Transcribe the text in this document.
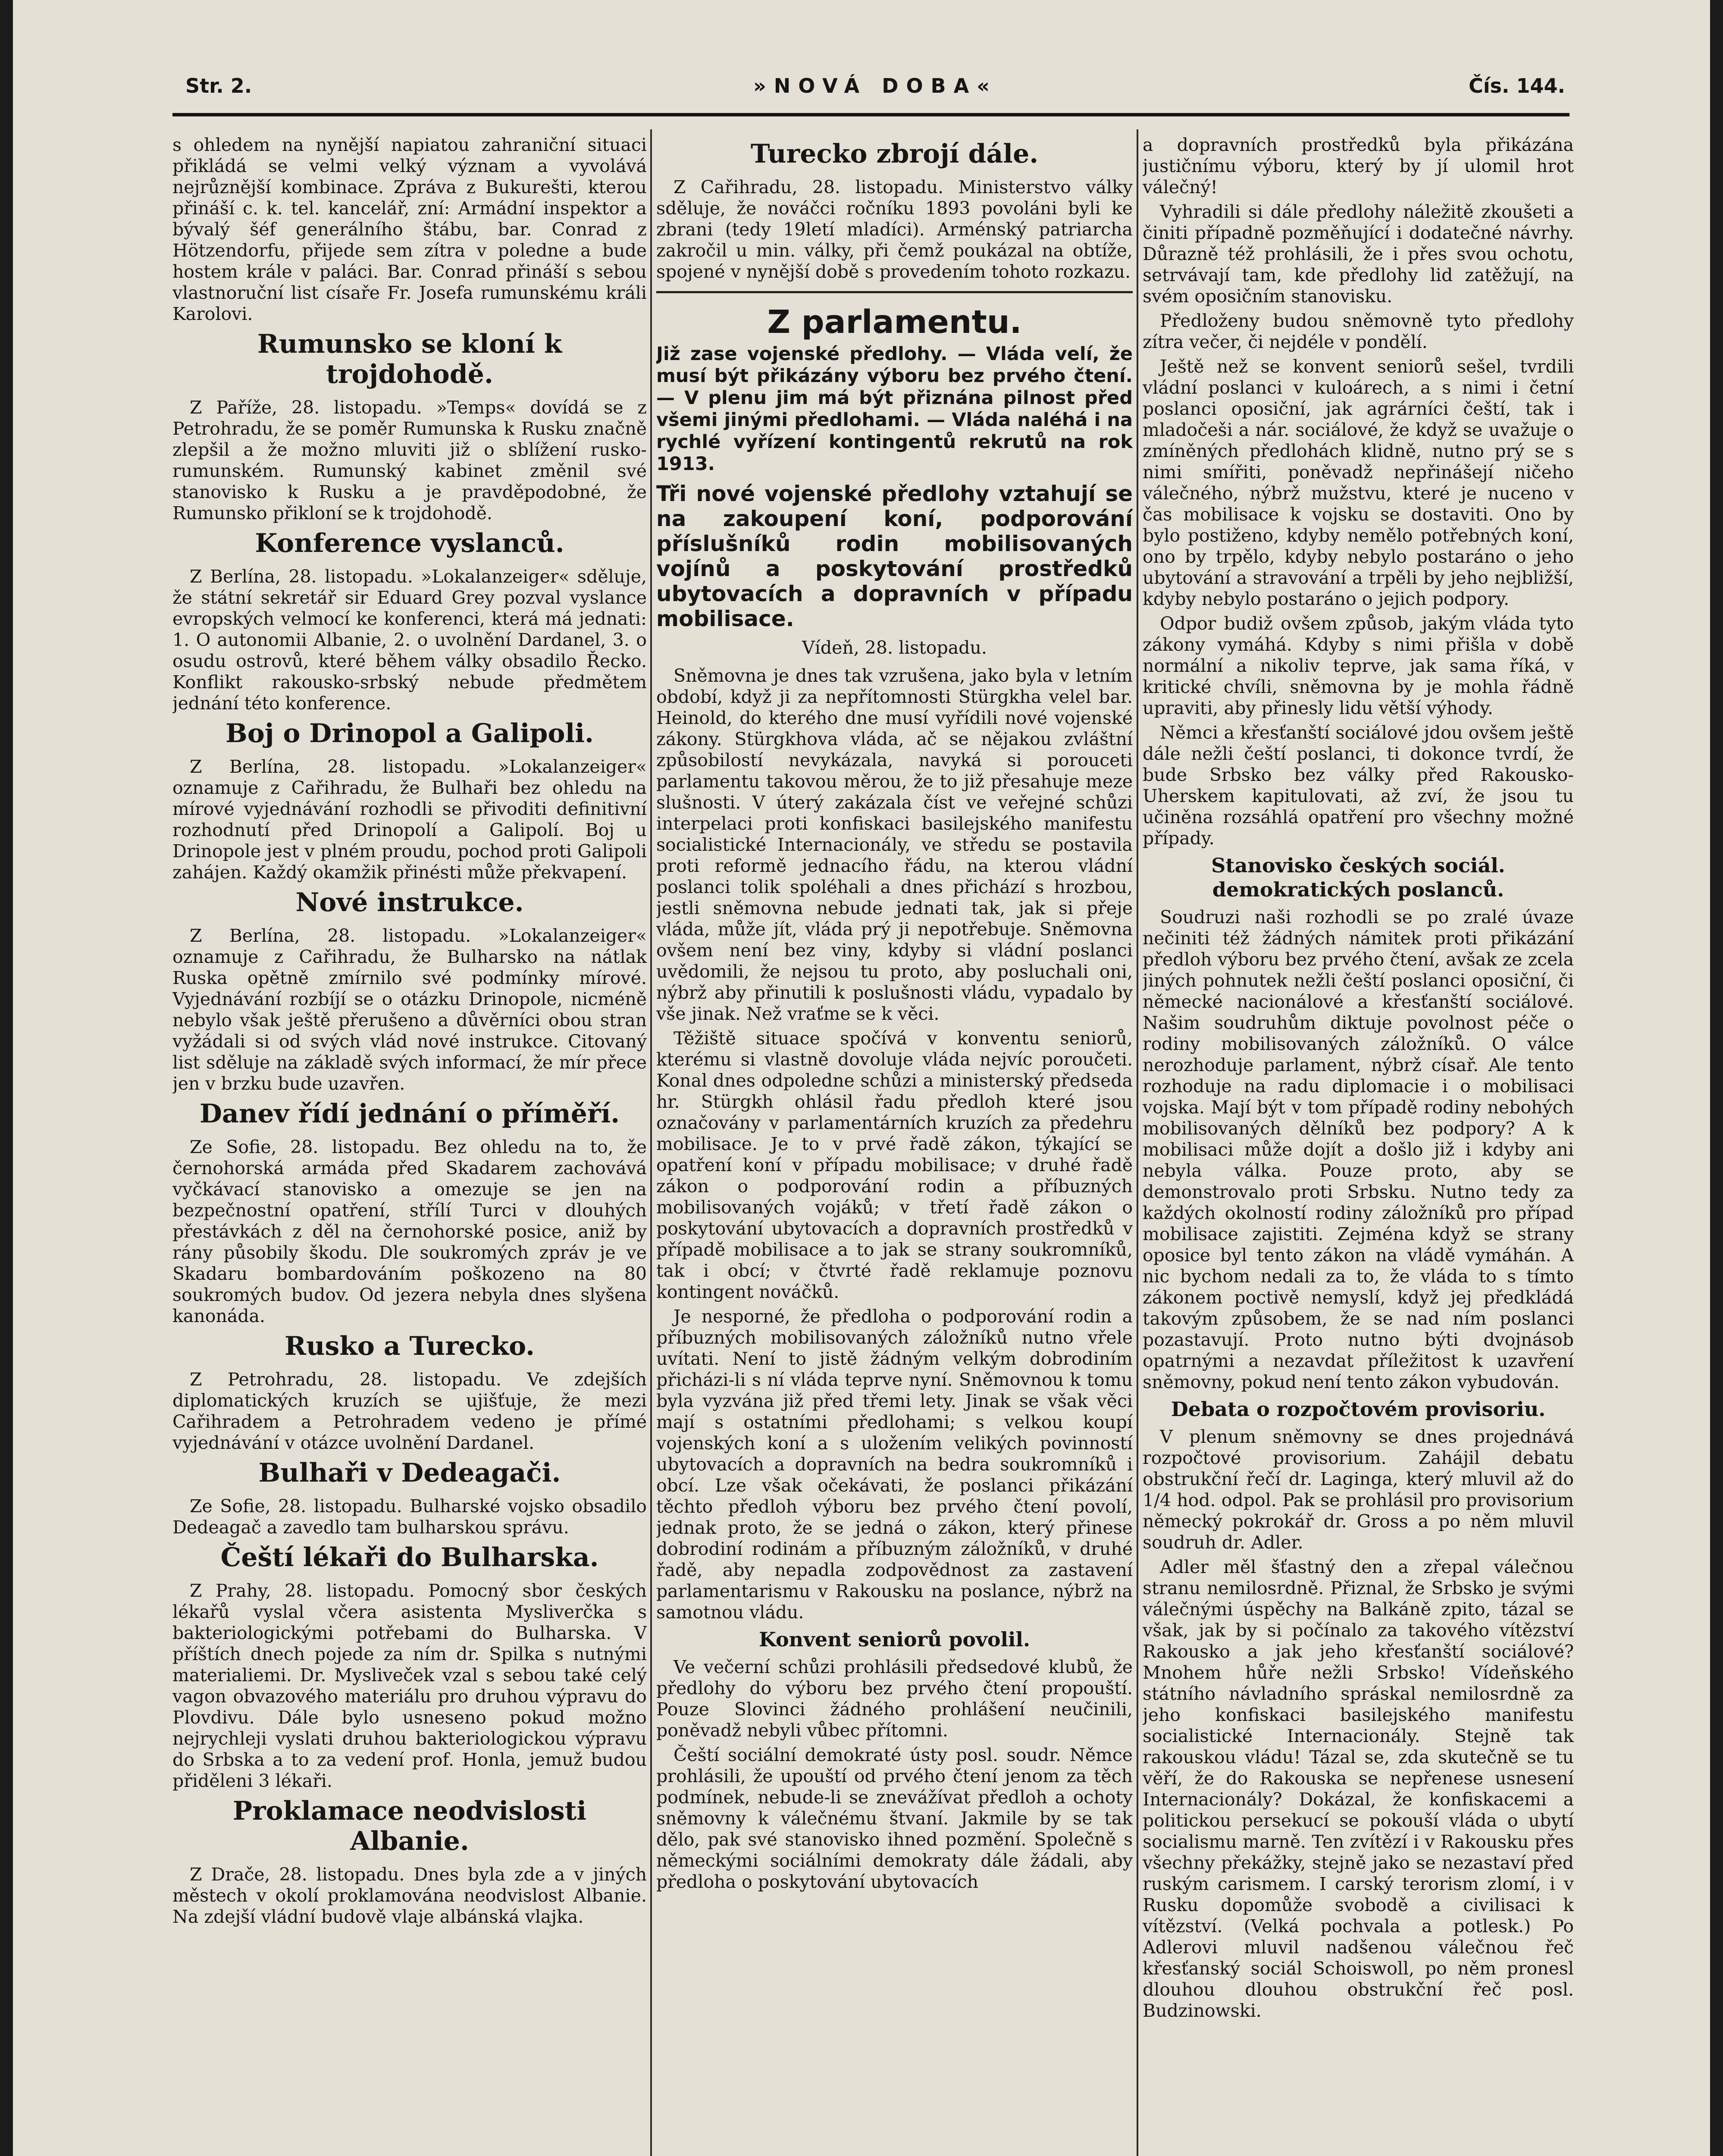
Str. 2.	»NOVÁ DOBA«	Čís. 144.

s ohledem na nynější napiatou zahraniční situaci přikládá se velmi velký význam a vyvolává nejrůznější kombinace. Zpráva z Bukurešti, kterou přináší c. k. tel. kancelář, zní: Armádní inspektor a bývalý šéf generálního štábu, bar. Conrad z Hötzendorfu, přijede sem zítra v poledne a bude hostem krále v paláci. Bar. Conrad přináší s sebou vlastnoruční list císaře Fr. Josefa rumunskému králi Karolovi.

Rumunsko se kloní k trojdohodě.

Z Paříže, 28. listopadu. »Temps« dovídá se z Petrohradu, že se poměr Rumunska k Rusku značně zlepšil a že možno mluviti již o sblížení rusko-rumunském. Rumunský kabinet změnil své stanovisko k Rusku a je pravděpodobné, že Rumunsko přikloní se k trojdohodě.

Konference vyslanců.

Z Berlína, 28. listopadu. »Lokalanzeiger« sděluje, že státní sekretář sir Eduard Grey pozval vyslance evropských velmocí ke konferenci, která má jednati: 1. O autonomii Albanie, 2. o uvolnění Dardanel, 3. o osudu ostrovů, které během války obsadilo Řecko. Konflikt rakousko-srbský nebude předmětem jednání této konference.

Boj o Drinopol a Galipoli.

Z Berlína, 28. listopadu. »Lokalanzeiger« oznamuje z Cařihradu, že Bulhaři bez ohledu na mírové vyjednávání rozhodli se přivoditi definitivní rozhodnutí před Drinopolí a Galipolí. Boj u Drinopole jest v plném proudu, pochod proti Galipoli zahájen. Každý okamžik přinésti může překvapení.

Nové instrukce.

Z Berlína, 28. listopadu. »Lokalanzeiger« oznamuje z Cařihradu, že Bulharsko na nátlak Ruska opětně zmírnilo své podmínky mírové. Vyjednávání rozbíjí se o otázku Drinopole, nicméně nebylo však ještě přerušeno a důvěrníci obou stran vyžádali si od svých vlád nové instrukce. Citovaný list sděluje na základě svých informací, že mír přece jen v brzku bude uzavřen.

Danev řídí jednání o příměří.

Ze Sofie, 28. listopadu. Bez ohledu na to, že černohorská armáda před Skadarem zachovává vyčkávací stanovisko a omezuje se jen na bezpečnostní opatření, střílí Turci v dlouhých přestávkách z děl na černohorské posice, aniž by rány působily škodu. Dle soukromých zpráv je ve Skadaru bombardováním poškozeno na 80 soukromých budov. Od jezera nebyla dnes slyšena kanonáda.

Rusko a Turecko.

Z Petrohradu, 28. listopadu. Ve zdejších diplomatických kruzích se ujišťuje, že mezi Cařihradem a Petrohradem vedeno je přímé vyjednávání v otázce uvolnění Dardanel.

Bulhaři v Dedeagači.

Ze Sofie, 28. listopadu. Bulharské vojsko obsadilo Dedeagač a zavedlo tam bulharskou správu.

Čeští lékaři do Bulharska.

Z Prahy, 28. listopadu. Pomocný sbor českých lékařů vyslal včera asistenta Mysliverčka s bakteriologickými potřebami do Bulharska. V příštích dnech pojede za ním dr. Spilka s nutnými materialiemi. Dr. Mysliveček vzal s sebou také celý vagon obvazového materiálu pro druhou výpravu do Plovdivu. Dále bylo usneseno pokud možno nejrychleji vyslati druhou bakteriologickou výpravu do Srbska a to za vedení prof. Honla, jemuž budou přiděleni 3 lékaři.

Proklamace neodvislosti Albanie.

Z Drače, 28. listopadu. Dnes byla zde a v jiných městech v okolí proklamována neodvislost Albanie. Na zdejší vládní budově vlaje albánská vlajka.

Turecko zbrojí dále.

Z Cařihradu, 28. listopadu. Ministerstvo války sděluje, že nováčci ročníku 1893 povoláni byli ke zbrani (tedy 19letí mladíci). Arménský patriarcha zakročil u min. války, při čemž poukázal na obtíže, spojené v nynější době s provedením tohoto rozkazu.

Z parlamentu.
Již zase vojenské předlohy. — Vláda velí, že musí být přikázány výboru bez prvého čtení. — V plenu jim má být přiznána pilnost před všemi jinými předlohami. — Vláda naléhá i na rychlé vyřízení kontingentů rekrutů na rok 1913.
Tři nové vojenské předlohy vztahují se na zakoupení koní, podporování příslušníků rodin mobilisovaných vojínů a poskytování prostředků ubytovacích a dopravních v případu mobilisace.

Vídeň, 28. listopadu.

Sněmovna je dnes tak vzrušena, jako byla v letním období, když ji za nepřítomnosti Stürgkha velel bar. Heinold, do kterého dne musí vyřídili nové vojenské zákony. Stürgkhova vláda, ač se nějakou zvláštní způsobilostí nevykázala, navyká si porouceti parlamentu takovou měrou, že to již přesahuje meze slušnosti. V úterý zakázala číst ve veřejné schůzi interpelaci proti konfiskaci basilejského manifestu socialistické Internacionály, ve středu se postavila proti reformě jednacího řádu, na kterou vládní poslanci tolik spoléhali a dnes přichází s hrozbou, jestli sněmovna nebude jednati tak, jak si přeje vláda, může jít, vláda prý ji nepotřebuje. Sněmovna ovšem není bez viny, kdyby si vládní poslanci uvědomili, že nejsou tu proto, aby posluchali oni, nýbrž aby přinutili k poslušnosti vládu, vypadalo by vše jinak. Než vraťme se k věci.

Těžiště situace spočívá v konventu seniorů, kterému si vlastně dovoluje vláda nejvíc poroučeti. Konal dnes odpoledne schůzi a ministerský předseda hr. Stürgkh ohlásil řadu předloh které jsou označovány v parlamentárních kruzích za předehru mobilisace. Je to v prvé řadě zákon, týkající se opatření koní v případu mobilisace; v druhé řadě zákon o podporování rodin a příbuzných mobilisovaných vojáků; v třetí řadě zákon o poskytování ubytovacích a dopravních prostředků v případě mobilisace a to jak se strany soukromníků, tak i obcí; v čtvrté řadě reklamuje poznovu kontingent nováčků.

Je nesporné, že předloha o podporování rodin a příbuzných mobilisovaných záložníků nutno vřele uvítati. Není to jistě žádným velkým dobrodiním přicházi-li s ní vláda teprve nyní. Sněmovnou k tomu byla vyzvána již před třemi lety. Jinak se však věci mají s ostatními předlohami; s velkou koupí vojenských koní a s uložením velikých povinností ubytovacích a dopravních na bedra soukromníků i obcí. Lze však očekávati, že poslanci přikázání těchto předloh výboru bez prvého čtení povolí, jednak proto, že se jedná o zákon, který přinese dobrodiní rodinám a příbuzným záložníků, v druhé řadě, aby nepadla zodpovědnost za zastavení parlamentarismu v Rakousku na poslance, nýbrž na samotnou vládu.

Konvent seniorů povolil.

Ve večerní schůzi prohlásili předsedové klubů, že předlohy do výboru bez prvého čtení propouští. Pouze Slovinci žádného prohlášení neučinili, poněvadž nebyli vůbec přítomni.

Čeští sociální demokraté ústy posl. soudr. Němce prohlásili, že upouští od prvého čtení jenom za těch podmínek, nebude-li se znevážívat předloh a ochoty sněmovny k válečnému štvaní. Jakmile by se tak dělo, pak své stanovisko ihned pozmění. Společně s německými sociálními demokraty dále žádali, aby předloha o poskytování ubytovacích

a dopravních prostředků byla přikázána justičnímu výboru, který by jí ulomil hrot válečný!

Vyhradili si dále předlohy náležitě zkoušeti a činiti případně pozměňující i dodatečné návrhy. Důrazně též prohlásili, že i přes svou ochotu, setrvávají tam, kde předlohy lid zatěžují, na svém oposičním stanovisku.

Předloženy budou sněmovně tyto předlohy zítra večer, či nejdéle v pondělí.

Ještě než se konvent seniorů sešel, tvrdili vládní poslanci v kuloárech, a s nimi i četní poslanci oposiční, jak agrárníci čeští, tak i mladočeši a nár. sociálové, že když se uvažuje o zmíněných předlohách klidně, nutno prý se s nimi smířiti, poněvadž nepřinášejí ničeho válečného, nýbrž mužstvu, které je nuceno v čas mobilisace k vojsku se dostaviti. Ono by bylo postiženo, kdyby nemělo potřebných koní, ono by trpělo, kdyby nebylo postaráno o jeho ubytování a stravování a trpěli by jeho nejbližší, kdyby nebylo postaráno o jejich podpory.

Odpor budiž ovšem způsob, jakým vláda tyto zákony vymáhá. Kdyby s nimi přišla v době normální a nikoliv teprve, jak sama říká, v kritické chvíli, sněmovna by je mohla řádně upraviti, aby přinesly lidu větší výhody.

Němci a křesťanští sociálové jdou ovšem ještě dále nežli čeští poslanci, ti dokonce tvrdí, že bude Srbsko bez války před Rakousko-Uherskem kapitulovati, až zví, že jsou tu učiněna rozsáhlá opatření pro všechny možné případy.

Stanovisko českých sociál. demokratických poslanců.

Soudruzi naši rozhodli se po zralé úvaze nečiniti též žádných námitek proti přikázání předloh výboru bez prvého čtení, avšak ze zcela jiných pohnutek nežli čeští poslanci oposiční, či německé nacionálové a křesťanští sociálové. Našim soudruhům diktuje povolnost péče o rodiny mobilisovaných záložníků. O válce nerozhoduje parlament, nýbrž císař. Ale tento rozhoduje na radu diplomacie i o mobilisaci vojska. Mají být v tom případě rodiny nebohých mobilisovaných dělníků bez podpory? A k mobilisaci může dojít a došlo již i kdyby ani nebyla válka. Pouze proto, aby se demonstrovalo proti Srbsku. Nutno tedy za každých okolností rodiny záložníků pro případ mobilisace zajistiti. Zejména když se strany oposice byl tento zákon na vládě vymáhán. A nic bychom nedali za to, že vláda to s tímto zákonem poctivě nemyslí, když jej předkládá takovým způsobem, že se nad ním poslanci pozastavují. Proto nutno býti dvojnásob opatrnými a nezavdat příležitost k uzavření sněmovny, pokud není tento zákon vybudován.

Debata o rozpočtovém provisoriu.

V plenum sněmovny se dnes projednává rozpočtové provisorium. Zahájil debatu obstrukční řečí dr. Laginga, který mluvil až do 1/4 hod. odpol. Pak se prohlásil pro provisorium německý pokrokář dr. Gross a po něm mluvil soudruh dr. Adler.

Adler měl šťastný den a zřepal válečnou stranu nemilosrdně. Přiznal, že Srbsko je svými válečnými úspěchy na Balkáně zpito, tázal se však, jak by si počínalo za takového vítězství Rakousko a jak jeho křesťanští sociálové? Mnohem hůře nežli Srbsko! Vídeňského státního návladního spráskal nemilosrdně za jeho konfiskaci basilejského manifestu socialistické Internacionály. Stejně tak rakouskou vládu! Tázal se, zda skutečně se tu věří, že do Rakouska se nepřenese usnesení Internacionály? Dokázal, že konfiskacemi a politickou persekucí se pokouší vláda o ubytí socialismu marně. Ten zvítězí i v Rakousku přes všechny překážky, stejně jako se nezastaví před ruským carismem. I carský terorism zlomí, i v Rusku dopomůže svobodě a civilisaci k vítězství. (Velká pochvala a potlesk.) Po Adlerovi mluvil nadšenou válečnou řeč křesťanský sociál Schoiswoll, po něm pronesl dlouhou dlouhou obstrukční řeč posl. Budzinowski.
